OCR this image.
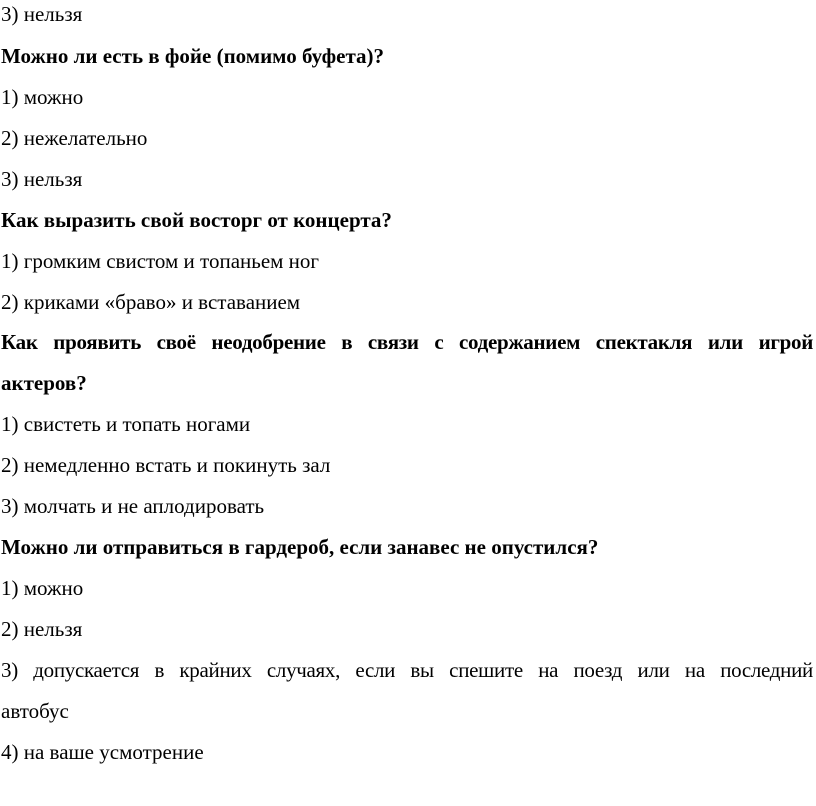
3) нельзя
Можно ли есть в фойе (помимо буфета)?
1) можно
2) нежелательно
3) нельзя
Как выразить свой восторг от концерта?
1) громким свистом и топаньем ног
2) криками «браво» и вставанием
Как проявить своё неодобрение в связи с содержанием спектакля или игрой
актеров?
1) свистеть и топать ногами
2) немедленно встать и покинуть зал
3) молчать и не аплодировать
Можно ли отправиться в гардероб, если занавес не опустился?
1) можно
2) нельзя
3) допускается в крайних случаях, если вы спешите на поезд или на последний
автобус
4) на ваше усмотрение
